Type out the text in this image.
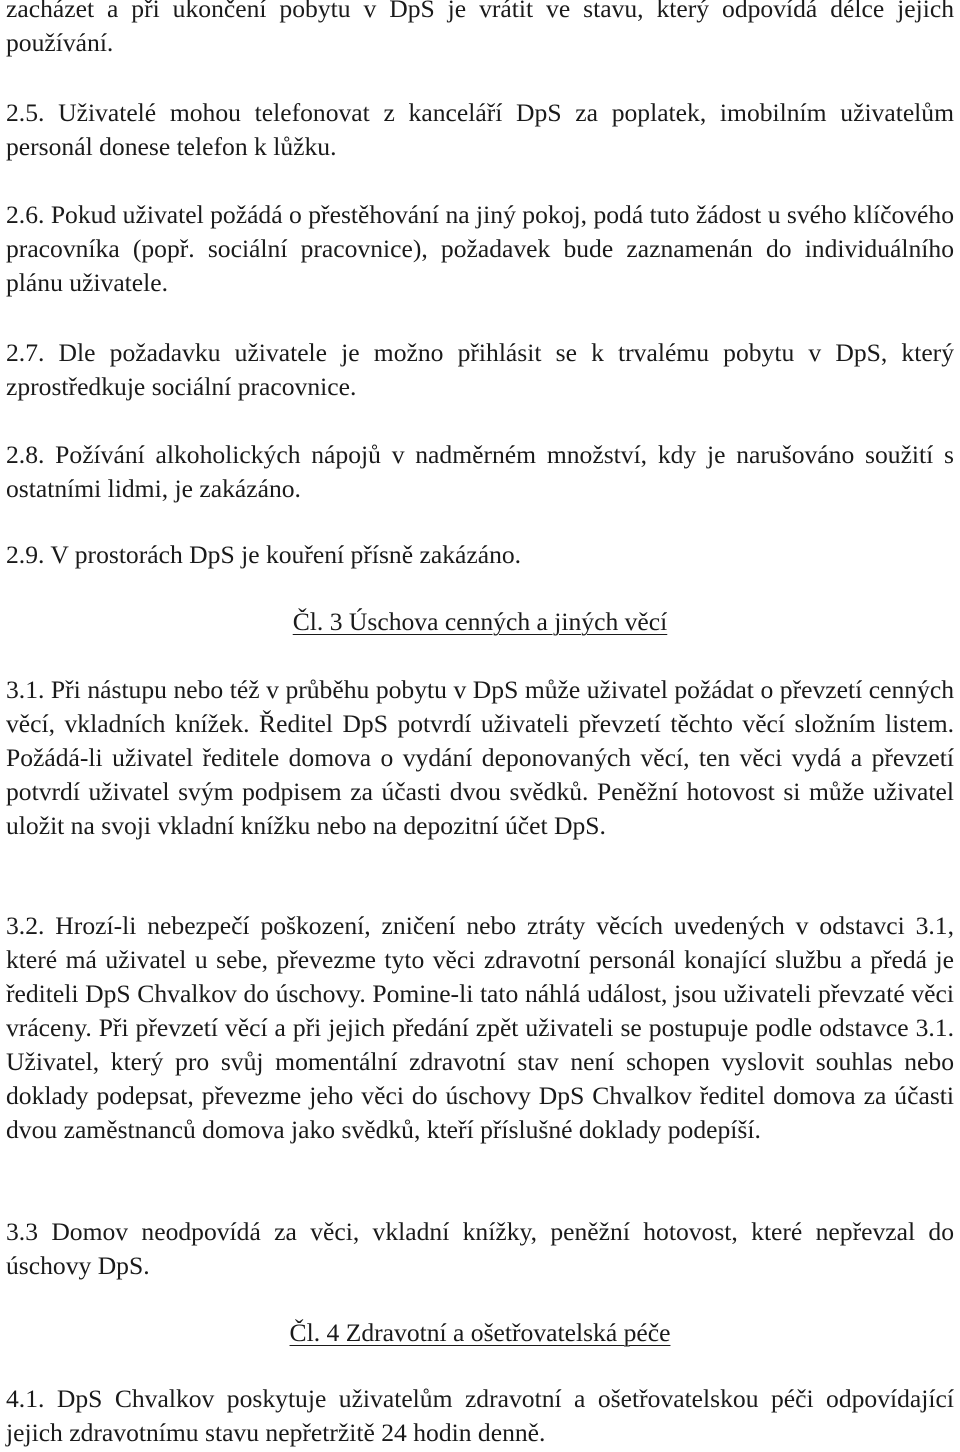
zacházet a při ukončení pobytu v DpS je vrátit ve stavu, který odpovídá délce jejich používání.

2.5. Uživatelé mohou telefonovat z kanceláří DpS za poplatek, imobilním uživatelům personál donese telefon k lůžku.

2.6. Pokud uživatel požádá o přestěhování na jiný pokoj, podá tuto žádost u svého klíčového pracovníka (popř. sociální pracovnice), požadavek bude zaznamenán do individuálního plánu uživatele.

2.7. Dle požadavku uživatele je možno přihlásit se k trvalému pobytu v DpS, který zprostředkuje sociální pracovnice.

2.8. Požívání alkoholických nápojů v nadměrném množství, kdy je narušováno soužití s ostatními lidmi, je zakázáno.

2.9. V prostorách DpS je kouření přísně zakázáno.

Čl. 3 Úschova cenných a jiných věcí

3.1. Při nástupu nebo též v průběhu pobytu v DpS může uživatel požádat o převzetí cenných věcí, vkladních knížek. Ředitel DpS potvrdí uživateli převzetí těchto věcí složním listem. Požádá-li uživatel ředitele domova o vydání deponovaných věcí, ten věci vydá a převzetí potvrdí uživatel svým podpisem za účasti dvou svědků. Peněžní hotovost si může uživatel uložit na svoji vkladní knížku nebo na depozitní účet DpS.

3.2. Hrozí-li nebezpečí poškození, zničení nebo ztráty věcích uvedených v odstavci 3.1, které má uživatel u sebe, převezme tyto věci zdravotní personál konající službu a předá je řediteli DpS Chvalkov do úschovy. Pomine-li tato náhlá událost, jsou uživateli převzaté věci vráceny. Při převzetí věcí a při jejich předání zpět uživateli se postupuje podle odstavce 3.1. Uživatel, který pro svůj momentální zdravotní stav není schopen vyslovit souhlas nebo doklady podepsat, převezme jeho věci do úschovy DpS Chvalkov ředitel domova za účasti dvou zaměstnanců domova jako svědků, kteří příslušné doklady podepíší.

3.3 Domov neodpovídá za věci, vkladní knížky, peněžní hotovost, které nepřevzal do úschovy DpS.

Čl. 4 Zdravotní a ošetřovatelská péče

4.1. DpS Chvalkov poskytuje uživatelům zdravotní a ošetřovatelskou péči odpovídající jejich zdravotnímu stavu nepřetržitě 24 hodin denně.
